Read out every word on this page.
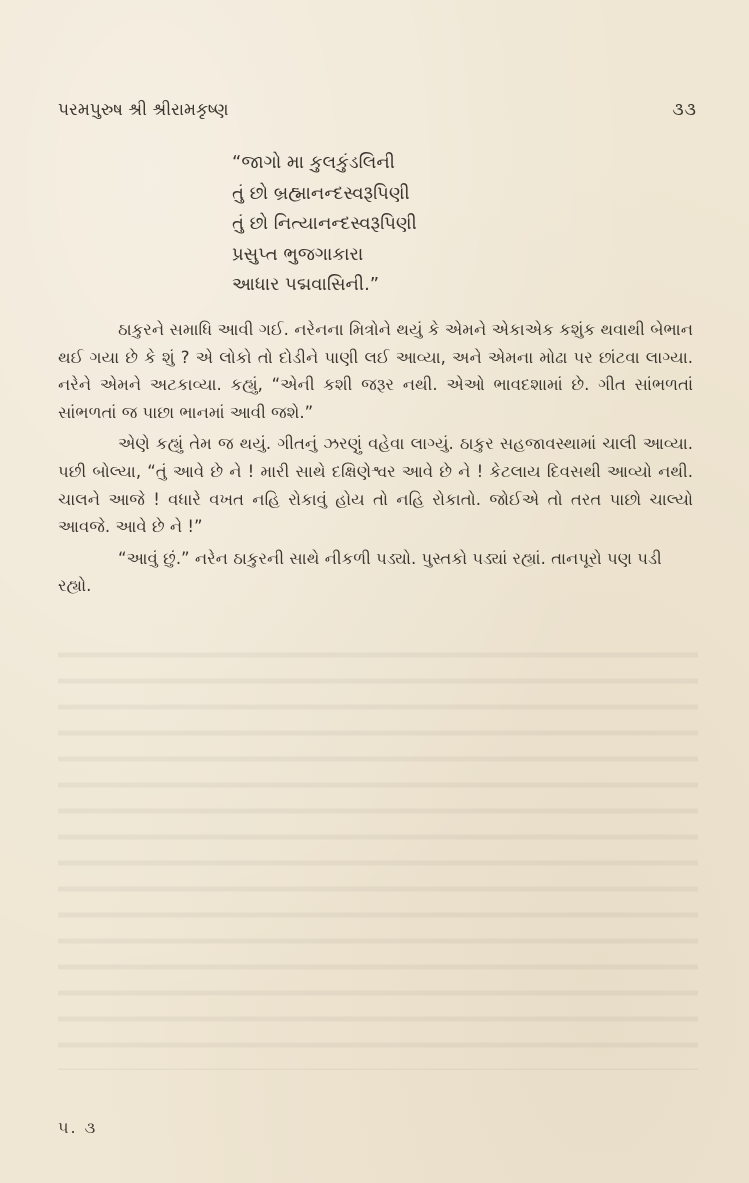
પરમપુરુષ શ્રી શ્રીરામકૃષ્ણ	૩૩
“જાગો મા કુલકુંડલિની
તું છો બ્રહ્માનન્દસ્વરૂપિણી
તું છો નિત્યાનન્દસ્વરૂપિણી
પ્રસુપ્ત ભુજગાકારા
આધાર પદ્મવાસિની.”

ઠાકુરને સમાધિ આવી ગઈ. નરેનના મિત્રોને થયું કે એમને એકાએક કશુંક થવાથી બેભાન થઈ ગયા છે કે શું ? એ લોકો તો દોડીને પાણી લઈ આવ્યા, અને એમના મોઢા પર છાંટવા લાગ્યા. નરેને એમને અટકાવ્યા. કહ્યું, “એની કશી જરૂર નથી. એઓ ભાવદશામાં છે. ગીત સાંભળતાં સાંભળતાં જ પાછા ભાનમાં આવી જશે.”

એણે કહ્યું તેમ જ થયું. ગીતનું ઝરણું વહેવા લાગ્યું. ઠાકુર સહજાવસ્થામાં ચાલી આવ્યા. પછી બોલ્યા, “તું આવે છે ને ! મારી સાથે દક્ષિણેશ્વર આવે છે ને ! કેટલાય દિવસથી આવ્યો નથી. ચાલને આજે ! વધારે વખત નહિ રોકાવું હોય તો નહિ રોકાતો. જોઈએ તો તરત પાછો ચાલ્યો આવજે. આવે છે ને !”

“આવું છું.” નરેન ઠાકુરની સાથે નીકળી પડ્યો. પુસ્તકો પડ્યાં રહ્યાં. તાનપૂરો પણ પડી રહ્યો.

૫. ૩
